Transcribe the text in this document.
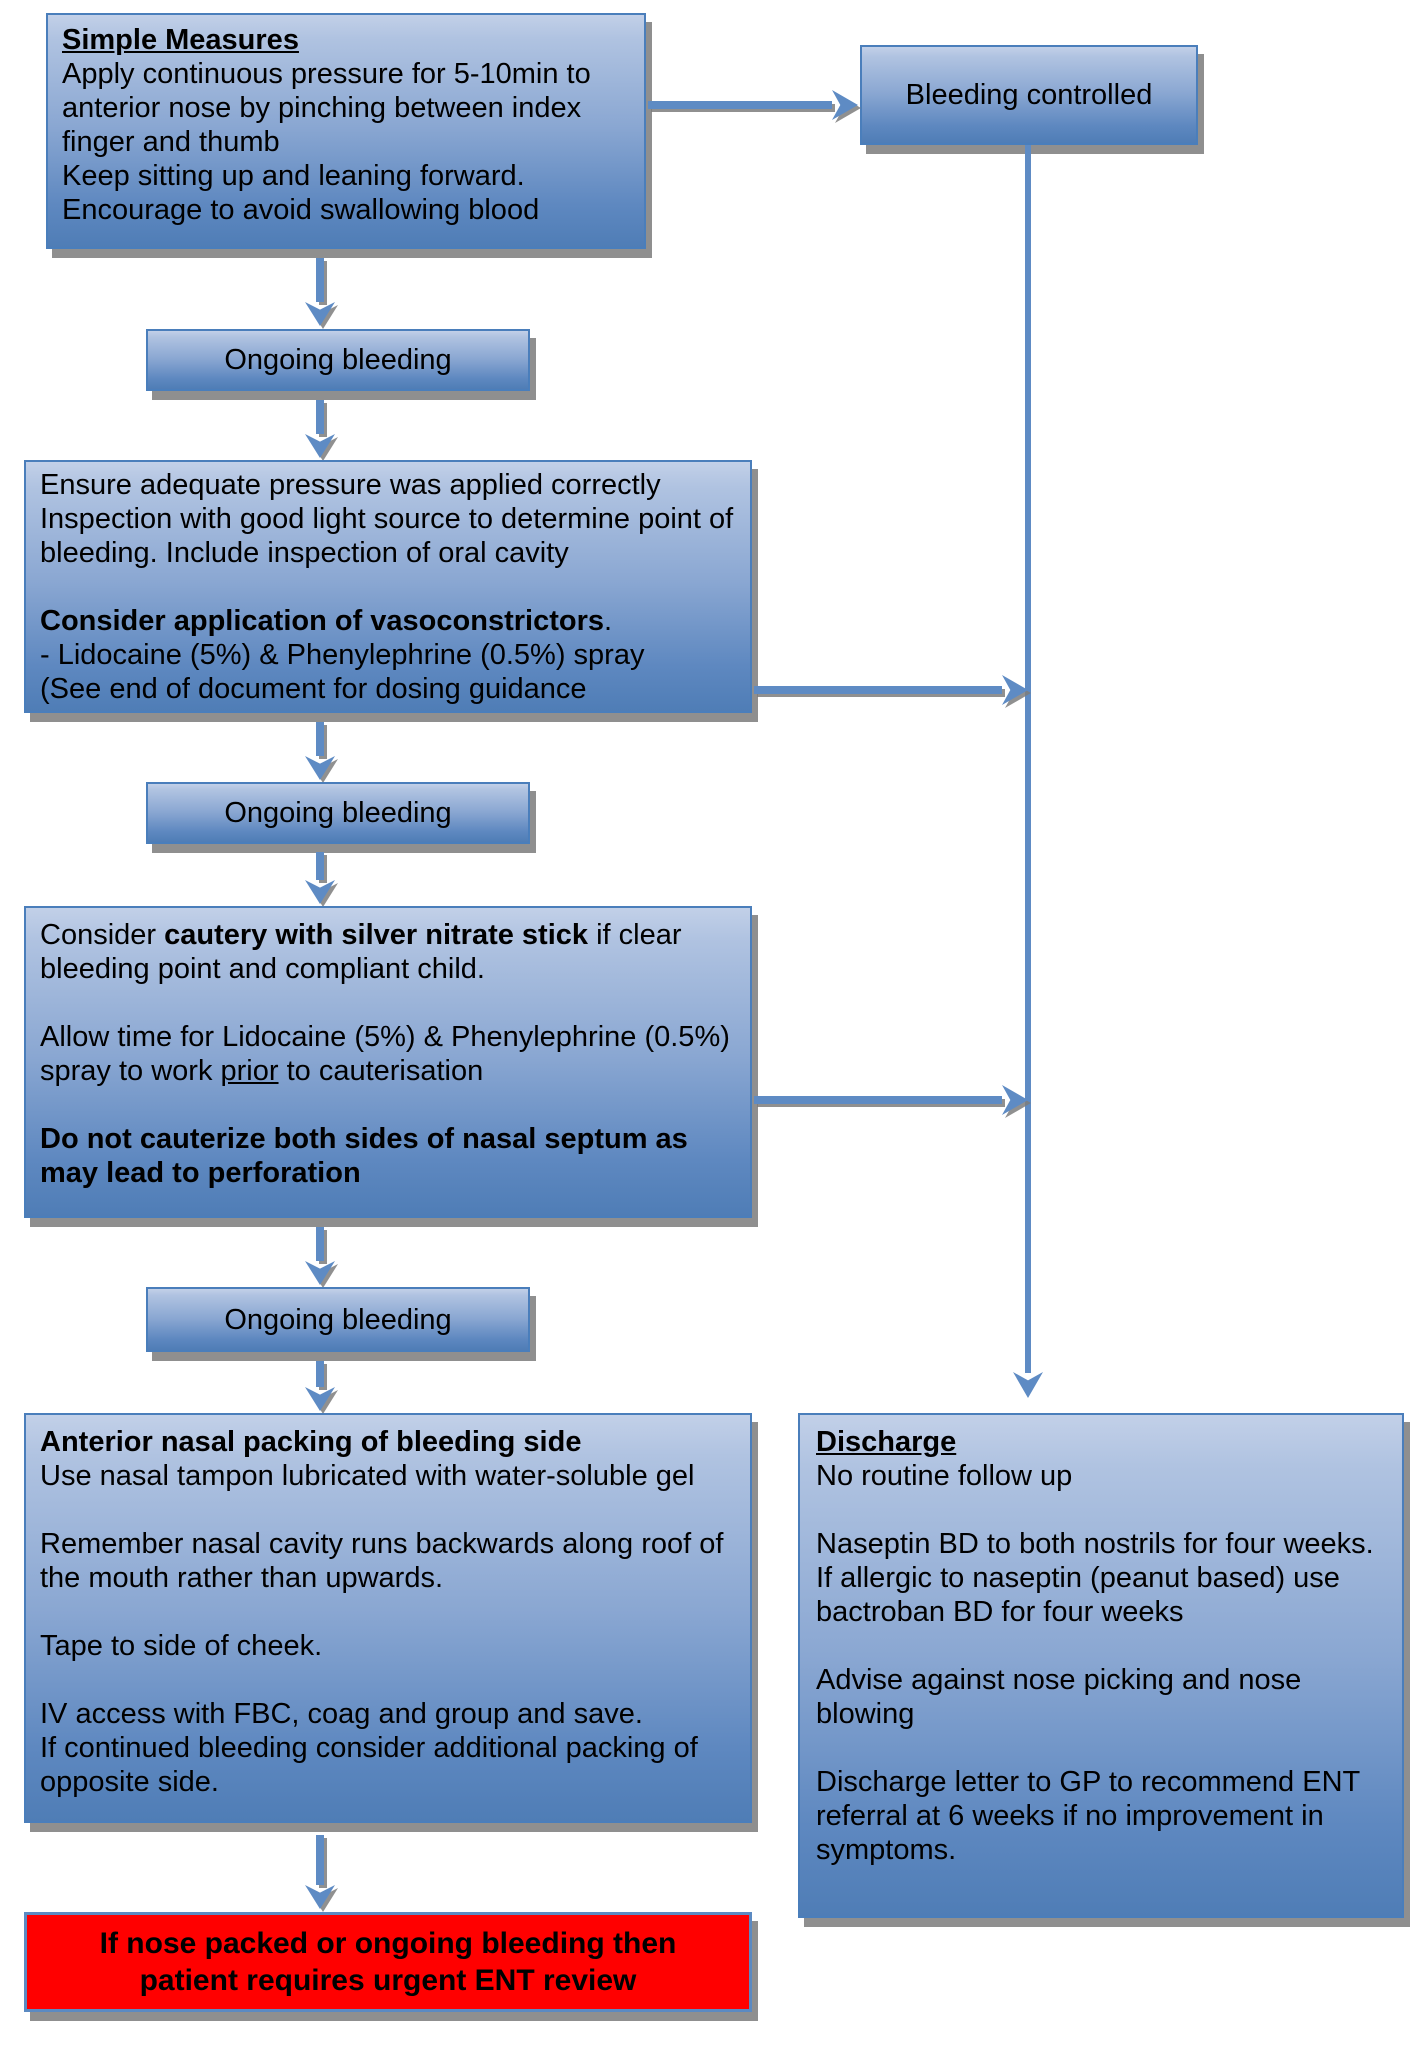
Simple Measures
Apply continuous pressure for 5-10min to anterior nose by pinching between index finger and thumb
Keep sitting up and leaning forward.
Encourage to avoid swallowing blood
Bleeding controlled
Ongoing bleeding
Ensure adequate pressure was applied correctly
Inspection with good light source to determine point of bleeding. Include inspection of oral cavity
Consider application of vasoconstrictors.
- Lidocaine (5%) & Phenylephrine (0.5%) spray
(See end of document for dosing guidance
Ongoing bleeding
Consider cautery with silver nitrate stick if clear bleeding point and compliant child.
Allow time for Lidocaine (5%) & Phenylephrine (0.5%) spray to work prior to cauterisation
Do not cauterize both sides of nasal septum as may lead to perforation
Ongoing bleeding
Anterior nasal packing of bleeding side
Use nasal tampon lubricated with water-soluble gel
Remember nasal cavity runs backwards along roof of the mouth rather than upwards.
Tape to side of cheek.
IV access with FBC, coag and group and save.
If continued bleeding consider additional packing of opposite side.
Discharge
No routine follow up
Naseptin BD to both nostrils for four weeks.
If allergic to naseptin (peanut based) use bactroban BD for four weeks
Advise against nose picking and nose blowing
Discharge letter to GP to recommend ENT referral at 6 weeks if no improvement in symptoms.
If nose packed or ongoing bleeding then patient requires urgent ENT review
